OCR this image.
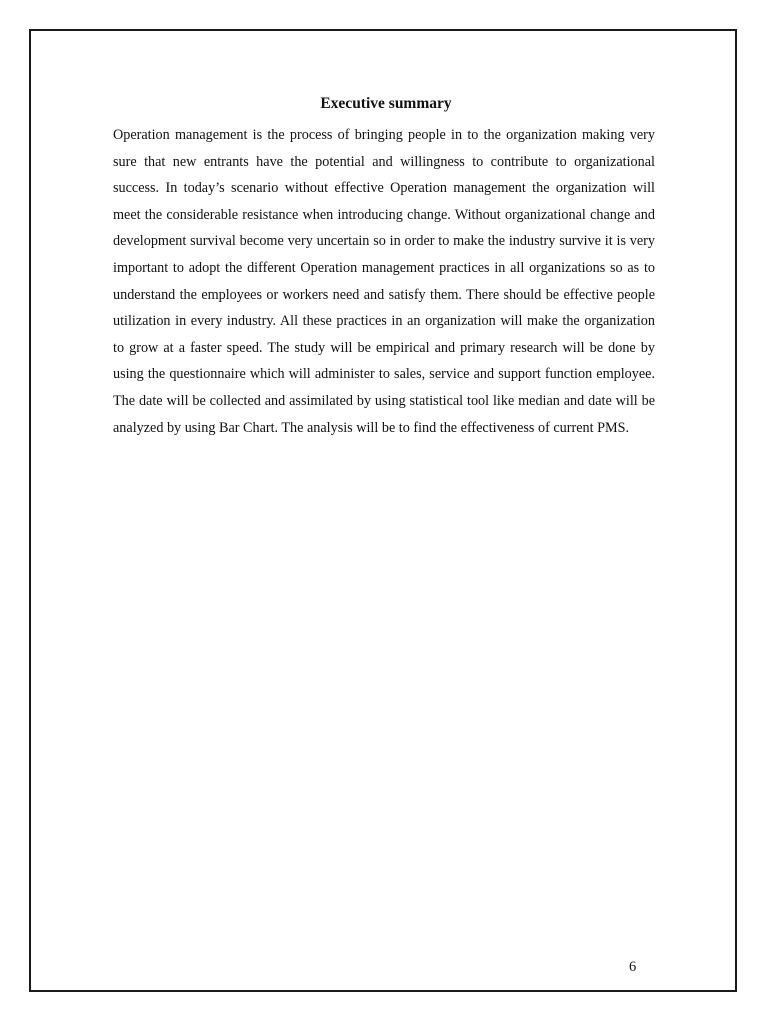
Executive summary

Operation management is the process of bringing people in to the organization making very sure that new entrants have the potential and willingness to contribute to organizational success. In today’s scenario without effective Operation management the organization will meet the considerable resistance when introducing change. Without organizational change and development survival become very uncertain so in order to make the industry survive it is very important to adopt the different Operation management practices in all organizations so as to understand the employees or workers need and satisfy them. There should be effective people utilization in every industry. All these practices in an organization will make the organization to grow at a faster speed. The study will be empirical and primary research will be done by using the questionnaire which will administer to sales, service and support function employee. The date will be collected and assimilated by using statistical tool like median and date will be analyzed by using Bar Chart. The analysis will be to find the effectiveness of current PMS.

6
